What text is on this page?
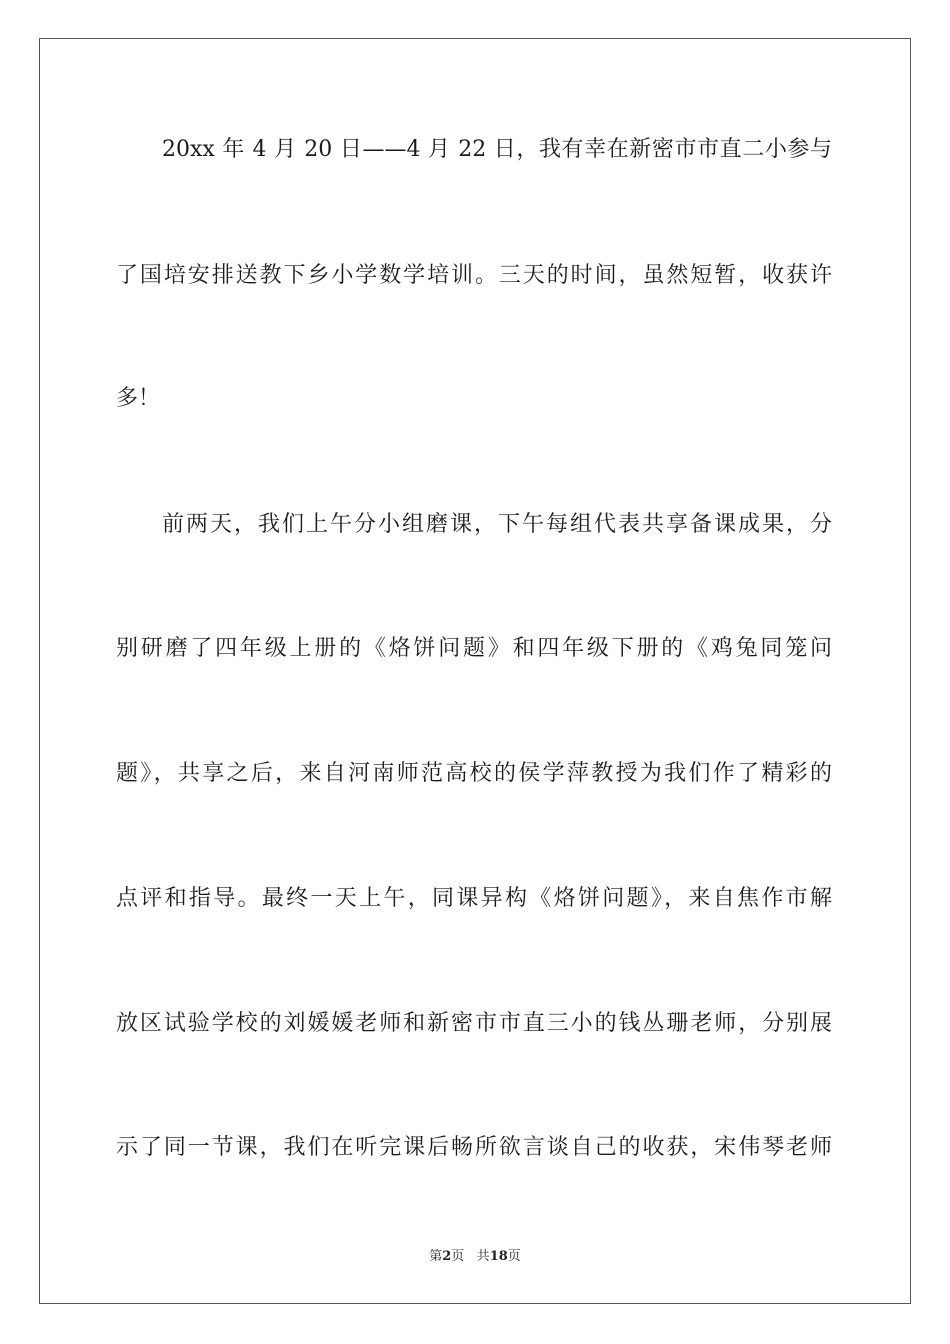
20xx 年 4 月 20 日——4 月 22 日，我有幸在新密市市直二小参与
了国培安排送教下乡小学数学培训。三天的时间，虽然短暂，收获许
多！
前两天，我们上午分小组磨课，下午每组代表共享备课成果，分
别研磨了四年级上册的《烙饼问题》和四年级下册的《鸡兔同笼问
题》，共享之后，来自河南师范高校的侯学萍教授为我们作了精彩的
点评和指导。最终一天上午，同课异构《烙饼问题》，来自焦作市解
放区试验学校的刘媛媛老师和新密市市直三小的钱丛珊老师，分别展
示了同一节课，我们在听完课后畅所欲言谈自己的收获，宋伟琴老师
第2页 共18页
